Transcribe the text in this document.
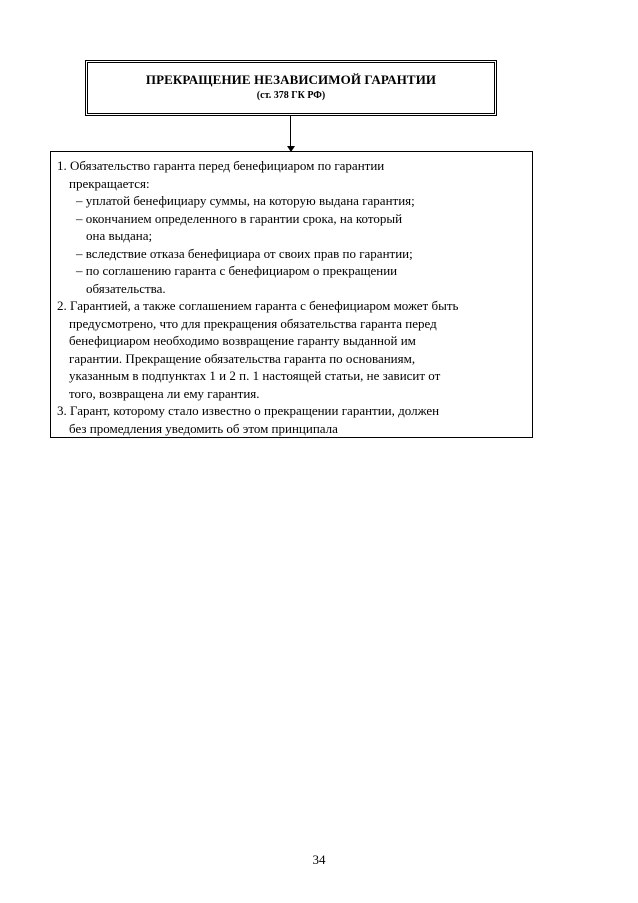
ПРЕКРАЩЕНИЕ НЕЗАВИСИМОЙ ГАРАНТИИ
(ст. 378 ГК РФ)
1. Обязательство гаранта перед бенефициаром по гарантии
прекращается:
– уплатой бенефициару суммы, на которую выдана гарантия;
– окончанием определенного в гарантии срока, на который
она выдана;
– вследствие отказа бенефициара от своих прав по гарантии;
– по соглашению гаранта с бенефициаром о прекращении
обязательства.
2. Гарантией, а также соглашением гаранта с бенефициаром может быть
предусмотрено, что для прекращения обязательства гаранта перед
бенефициаром необходимо возвращение гаранту выданной им
гарантии. Прекращение обязательства гаранта по основаниям,
указанным в подпунктах 1 и 2 п. 1 настоящей статьи, не зависит от
того, возвращена ли ему гарантия.
3. Гарант, которому стало известно о прекращении гарантии, должен
без промедления уведомить об этом принципала
34
